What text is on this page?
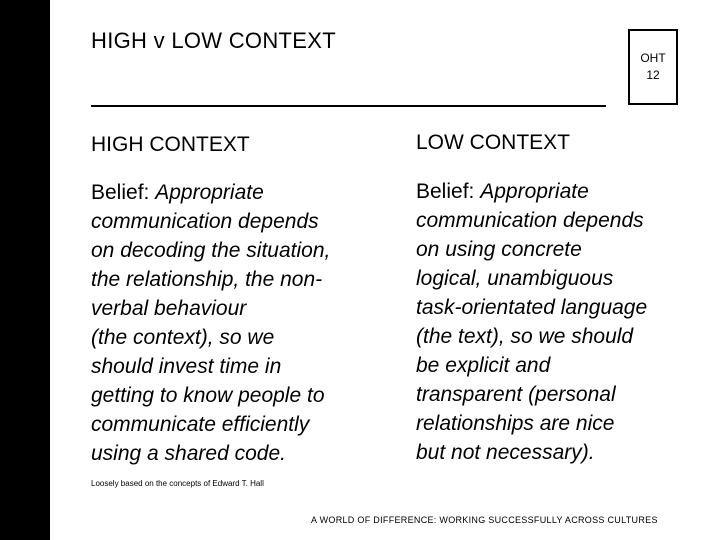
HIGH v LOW CONTEXT
OHT
12
HIGH CONTEXT

Belief: Appropriate

communication depends

on decoding the situation,

the relationship, the non-

verbal behaviour

(the context), so we

should invest time in

getting to know people to

communicate efficiently

using a shared code.

LOW CONTEXT

Belief: Appropriate

communication depends

on using concrete

logical, unambiguous

task-orientated language

(the text), so we should

be explicit and

transparent (personal

relationships are nice

but not necessary).

Loosely based on the concepts of Edward T. Hall
A WORLD OF DIFFERENCE: WORKING SUCCESSFULLY ACROSS CULTURES
